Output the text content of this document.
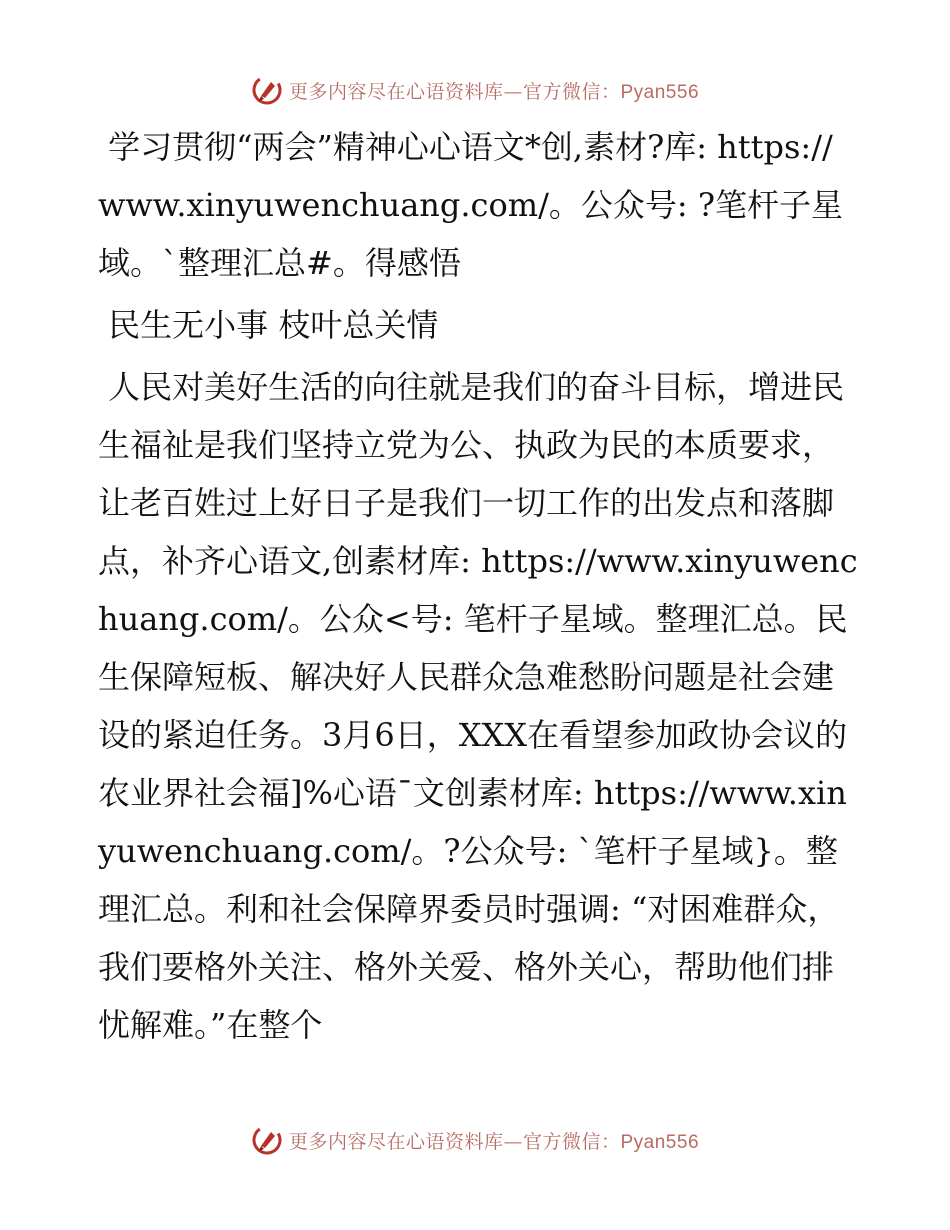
更多内容尽在心语资料库—官方微信：Pyan556

学习贯彻“两会”精神心心语文*创,素材?库: https://www.xinyuwenchuang.com/。公众号: ?笔杆子星域。`整理汇总#。得感悟

民生无小事 枝叶总关情

人民对美好生活的向往就是我们的奋斗目标，增进民生福祉是我们坚持立党为公、执政为民的本质要求，让老百姓过上好日子是我们一切工作的出发点和落脚点，补齐心语文,创素材库: https://www.xinyuwenchuang.com/。公众<号: 笔杆子星域。整理汇总。民生保障短板、解决好人民群众急难愁盼问题是社会建设的紧迫任务。3月6日，XXX在看望参加政协会议的农业界社会福]%心语¯文创素材库: https://www.xinyuwenchuang.com/。?公众号: `笔杆子星域}。整理汇总。利和社会保障界委员时强调: “对困难群众，我们要格外关注、格外关爱、格外关心，帮助他们排忧解难。”在整个

更多内容尽在心语资料库—官方微信：Pyan556
